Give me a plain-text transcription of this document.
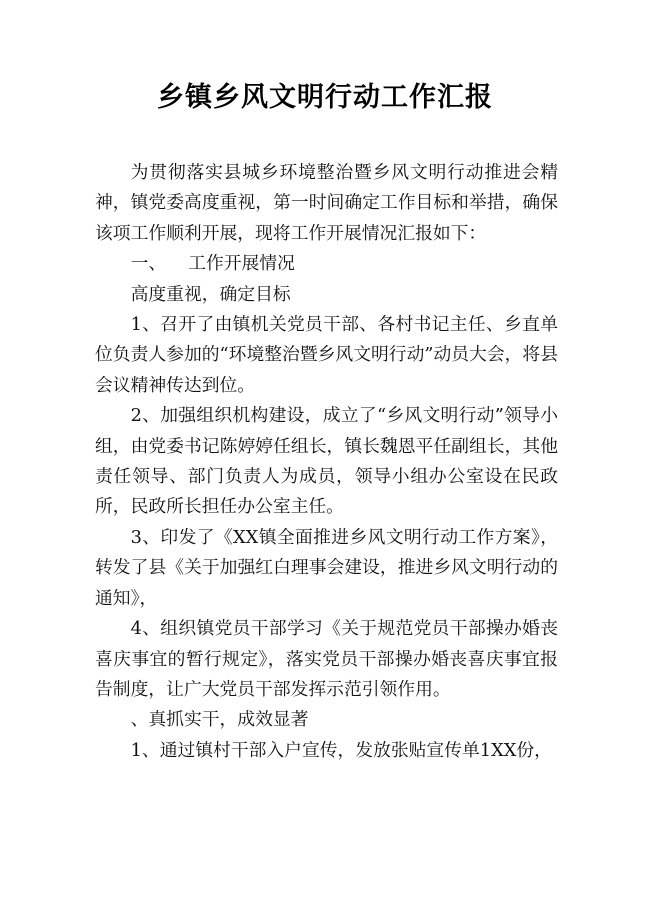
乡镇乡风文明行动工作汇报

为贯彻落实县城乡环境整治暨乡风文明行动推进会精神，镇党委高度重视，第一时间确定工作目标和举措，确保该项工作顺利开展，现将工作开展情况汇报如下：

一、 工作开展情况

高度重视，确定目标

1、召开了由镇机关党员干部、各村书记主任、乡直单位负责人参加的“环境整治暨乡风文明行动”动员大会，将县会议精神传达到位。

2、加强组织机构建设，成立了“乡风文明行动”领导小组，由党委书记陈婷婷任组长，镇长魏恩平任副组长，其他责任领导、部门负责人为成员，领导小组办公室设在民政所，民政所长担任办公室主任。

3、印发了《XX镇全面推进乡风文明行动工作方案》，转发了县《关于加强红白理事会建设，推进乡风文明行动的通知》，

4、组织镇党员干部学习《关于规范党员干部操办婚丧喜庆事宜的暂行规定》，落实党员干部操办婚丧喜庆事宜报告制度，让广大党员干部发挥示范引领作用。

、真抓实干，成效显著

1、通过镇村干部入户宣传，发放张贴宣传单1XX份，
